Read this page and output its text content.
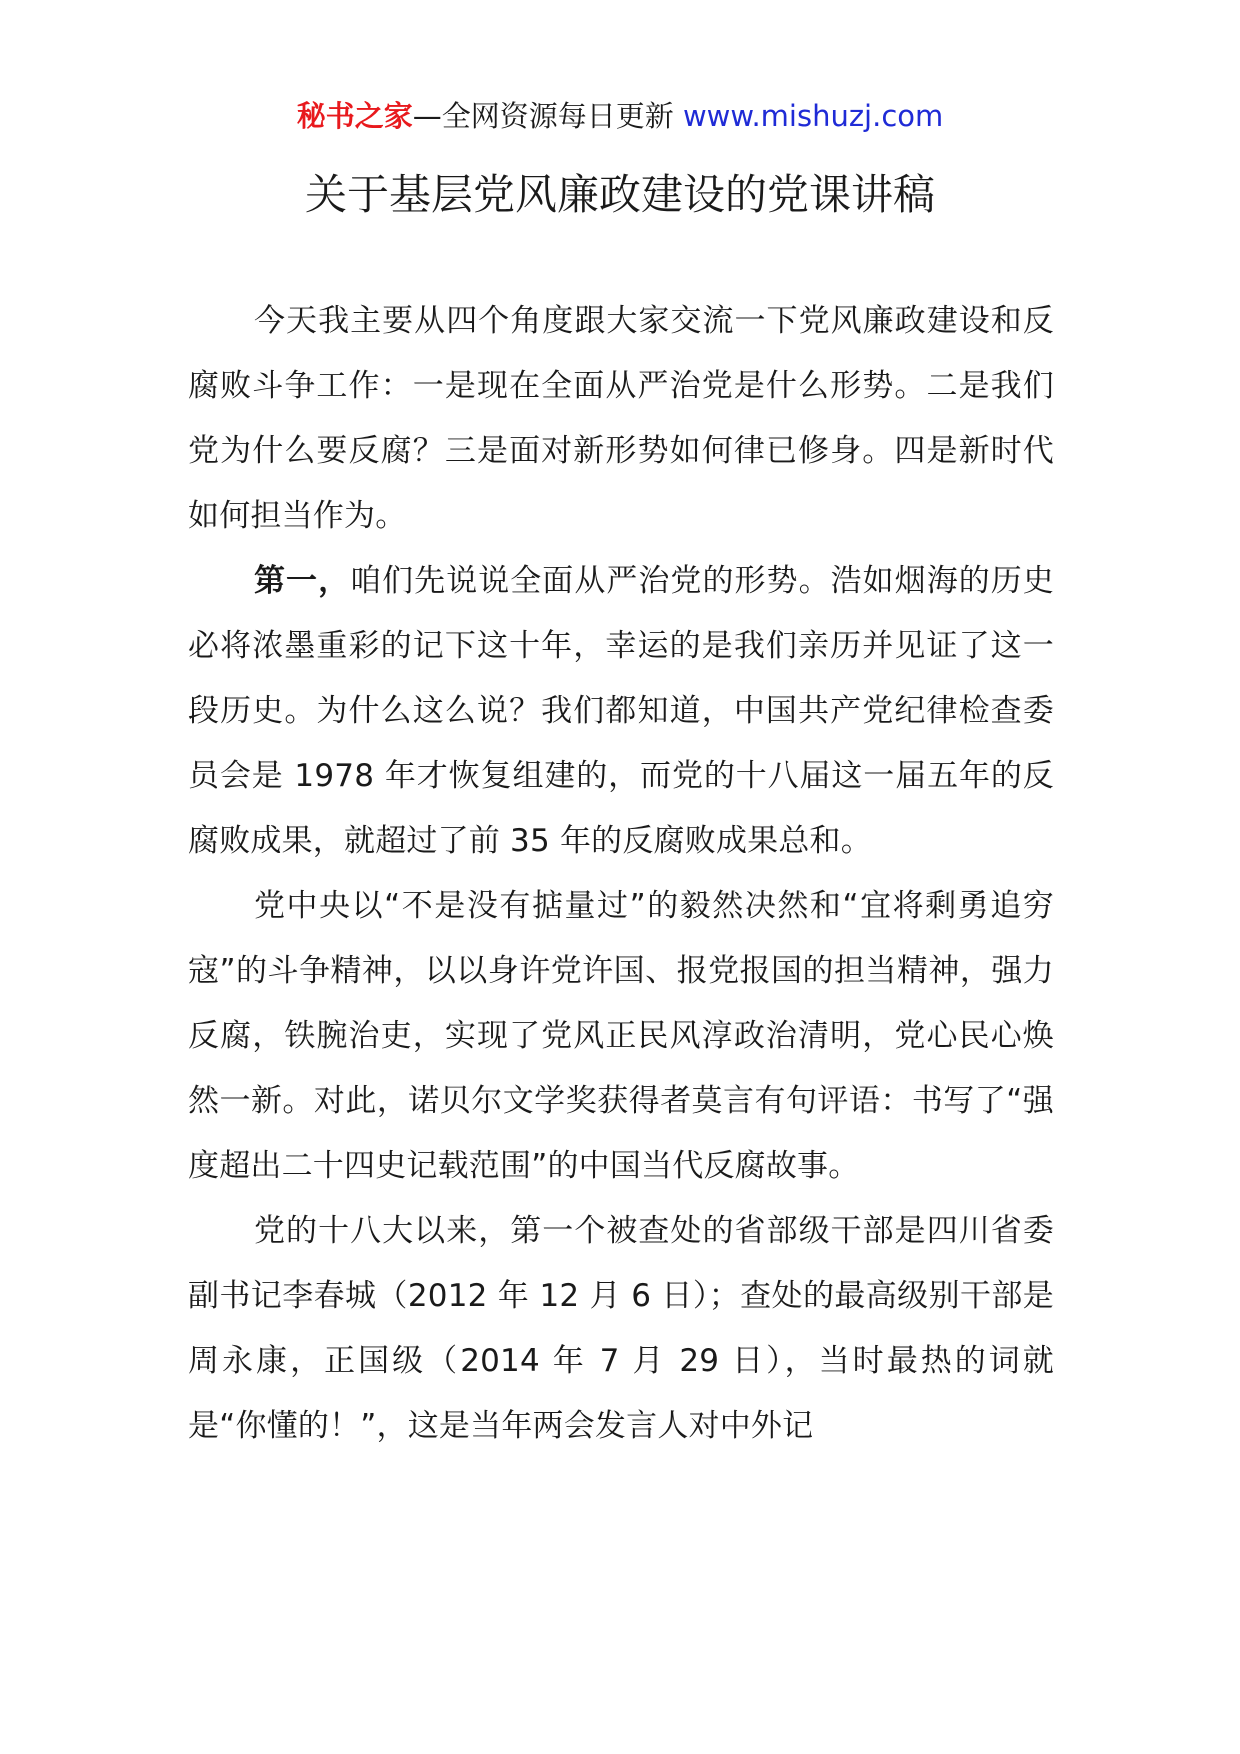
秘书之家—全网资源每日更新 www.mishuzj.com
关于基层党风廉政建设的党课讲稿

今天我主要从四个角度跟大家交流一下党风廉政建设和反腐败斗争工作：一是现在全面从严治党是什么形势。二是我们党为什么要反腐？三是面对新形势如何律已修身。四是新时代如何担当作为。

第一，咱们先说说全面从严治党的形势。浩如烟海的历史必将浓墨重彩的记下这十年，幸运的是我们亲历并见证了这一段历史。为什么这么说？我们都知道，中国共产党纪律检查委员会是 1978 年才恢复组建的，而党的十八届这一届五年的反腐败成果，就超过了前 35 年的反腐败成果总和。

党中央以“不是没有掂量过”的毅然决然和“宜将剩勇追穷寇”的斗争精神，以以身许党许国、报党报国的担当精神，强力反腐，铁腕治吏，实现了党风正民风淳政治清明，党心民心焕然一新。对此，诺贝尔文学奖获得者莫言有句评语：书写了“强度超出二十四史记载范围”的中国当代反腐故事。

党的十八大以来，第一个被查处的省部级干部是四川省委副书记李春城（2012 年 12 月 6 日）；查处的最高级别干部是周永康，正国级（2014 年 7 月 29 日），当时最热的词就是“你懂的！”，这是当年两会发言人对中外记
